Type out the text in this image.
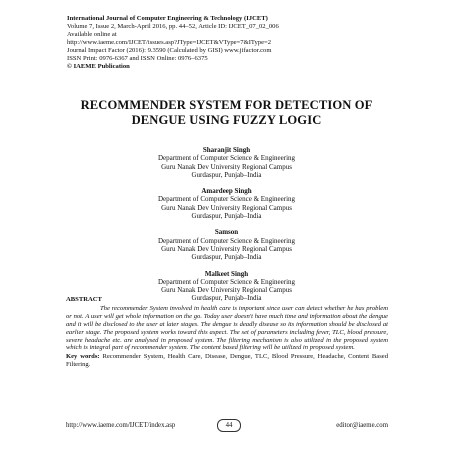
International Journal of Computer Engineering & Technology (IJCET)
Volume 7, Issue 2, March-April 2016, pp. 44–52, Article ID: IJCET_07_02_006
Available online at
http://www.iaeme.com/IJCET/issues.asp?JType=IJCET&VType=7&IType=2
Journal Impact Factor (2016): 9.3590 (Calculated by GISI) www.jifactor.com
ISSN Print: 0976-6367 and ISSN Online: 0976–6375
© IAEME Publication
RECOMMENDER SYSTEM FOR DETECTION OF DENGUE USING FUZZY LOGIC
Sharanjit Singh
Department of Computer Science & Engineering
Guru Nanak Dev University Regional Campus
Gurdaspur, Punjab–India
Amardeep Singh
Department of Computer Science & Engineering
Guru Nanak Dev University Regional Campus
Gurdaspur, Punjab–India
Samson
Department of Computer Science & Engineering
Guru Nanak Dev University Regional Campus
Gurdaspur, Punjab–India
Malkeet Singh
Department of Computer Science & Engineering
Guru Nanak Dev University Regional Campus
Gurdaspur, Punjab–India
ABSTRACT
The recommender System involved in health care is important since user can detect whether he has problem or not. A user will get whole information on the go. Today user doesn't have much time and information about the dengue and it will be disclosed to the user at later stages. The dengue is deadly disease so its information should be disclosed at earlier stage. The proposed system works toward this aspect. The set of parameters including fever, TLC, blood pressure, severe headache etc. are analysed in proposed system. The filtering mechanism is also utilized in the proposed system which is integral part of recommender system. The content based filtering will be utilized in proposed system.
Key words: Recommender System, Health Care, Disease, Dengue, TLC, Blood Pressure, Headache, Content Based Filtering.
http://www.iaeme.com/IJCET/index.asp	44	editor@iaeme.com
